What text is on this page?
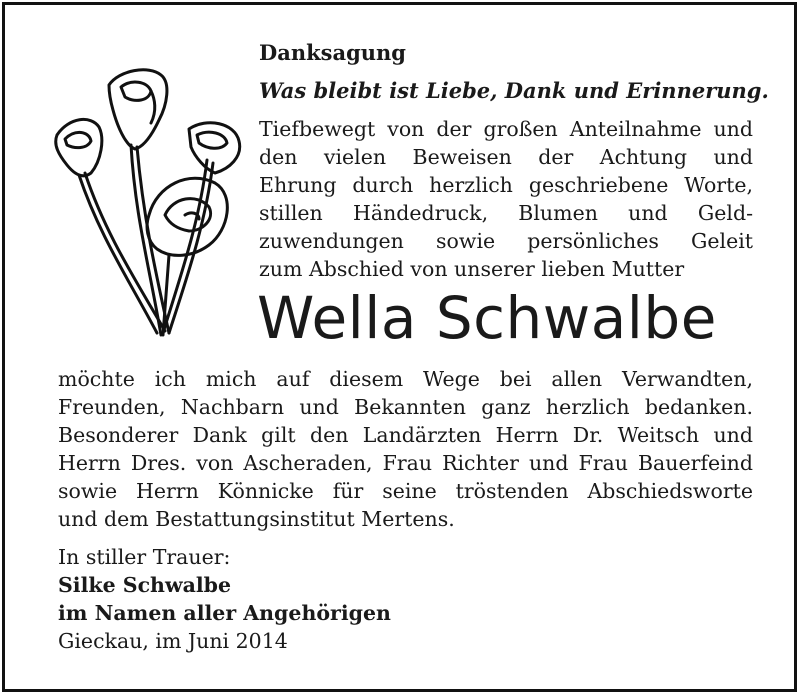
Danksagung

Was bleibt ist Liebe, Dank und Erinnerung.

Tiefbewegt von der großen Anteilnahme und
den vielen Beweisen der Achtung und
Ehrung durch herzlich geschriebene Worte,
stillen Händedruck, Blumen und Geld-
zuwendungen sowie persönliches Geleit
zum Abschied von unserer lieben Mutter

Wella Schwalbe

möchte ich mich auf diesem Wege bei allen Verwandten,
Freunden, Nachbarn und Bekannten ganz herzlich bedanken.
Besonderer Dank gilt den Landärzten Herrn Dr. Weitsch und
Herrn Dres. von Ascheraden, Frau Richter und Frau Bauerfeind
sowie Herrn Könnicke für seine tröstenden Abschiedsworte
und dem Bestattungsinstitut Mertens.

In stiller Trauer:
Silke Schwalbe
im Namen aller Angehörigen
Gieckau, im Juni 2014
